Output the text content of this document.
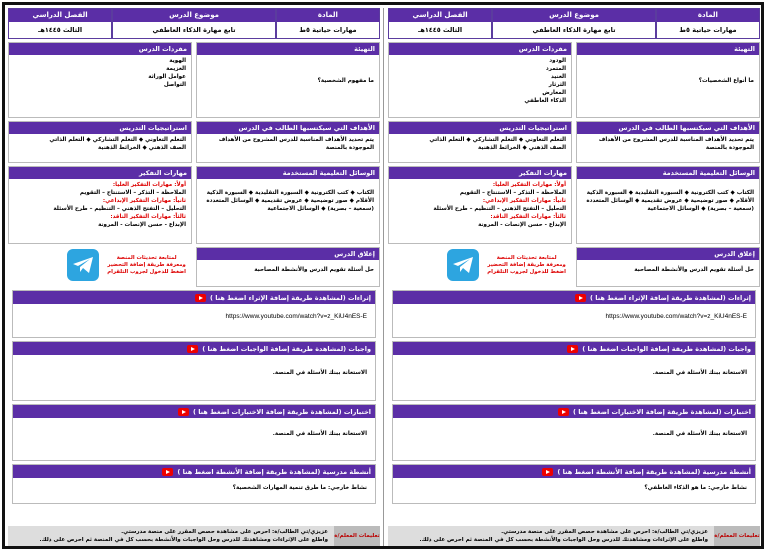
المادة
مهارات حياتية ٥ط
موضوع الدرس
تابع مهارة الذكاء العاطفي
الفصل الدراسي
الثالث ١٤٤٥هـ
التهيئة
ما أنواع الشخصيات؟
مفردات الدرس
الودود
المتمرد
العنيد
الثرثار
المعارض
الذكاء العاطفي
الأهداف التي سيكتسبها الطالب في الدرس
يتم تحديد الأهداف المناسبة للدرس المشروح من الأهداف الموجودة بالمنصة
استراتيجيات التدريس
التعلم التعاوني ◆ التعلم التشاركي ◆ التعلم الذاتي
الصف الذهني ◆ الخرائط الذهنية
الوسائل التعليمية المستخدمة
الكتاب ◆ كتب الكترونية ◆ السبورة التقليدية ◆ السبورة الذكية
الأقلام ◆ صور توضيحية ◆ عروض تقديمية ◆ الوسائل المتعددة
(سمعية – بصرية) ◆ الوسائل الاجتماعية
مهارات التفكير
أولاً: مهارات التفكير العليا:
الملاحظة – التذكر – الاستنتاج – التقويم
ثانياً: مهارات التفكير الإبداعي:
التحليل – التفتح الذهني – التنظيم – طرح الأسئلة
ثالثاً: مهارات التفكير الناقد:
الإبداع - حسن الإنصات - المرونة
إغلاق الدرس
حل أسئلة تقويم الدرس والأنشطة المصاحبة
لمتابعة تحديثات المنصة
ومعرفة طريقة إضافة التحضير
اضغط للدخول لجروب التلقرام
إثراءات (لمشاهدة طريقة إضافة الإثراء اضغط هنا )
https://www.youtube.com/watch?v=z_KiU4nES-E
واجبات (لمشاهدة طريقة إضافة الواجبات اضغط هنا )
الاستعانة ببنك الأسئلة في المنصة.
اختبارات (لمشاهدة طريقة إضافة الاختبارات اضغط هنا )
الاستعانة ببنك الأسئلة في المنصة.
أنشطة مدرسية (لمشاهدة طريقة إضافة الأنشطة اضغط هنا )
نشاط خارجي: ما هو الذكاء العاطفي؟
تعليمات المعلم/ة
عزيزي/تي الطالب/ة: احرص على مشاهدة حصص المقرر على منصة مدرستي.
واطلع على الإثراءات ومشاهدتك للدرس وحل الواجبات والأنشطة بحسب كل في المنصة ثم احرص على ذلك.
المادة
مهارات حياتية ٥ط
موضوع الدرس
تابع مهارة الذكاء العاطفي
الفصل الدراسي
الثالث ١٤٤٥هـ
التهيئة
ما مفهوم الشخصية؟
مفردات الدرس
الهوية
العزيمة
عوامل الوراثة
التواصل
الأهداف التي سيكتسبها الطالب في الدرس
يتم تحديد الأهداف المناسبة للدرس المشروح من الأهداف الموجودة بالمنصة
استراتيجيات التدريس
التعلم التعاوني ◆ التعلم التشاركي ◆ التعلم الذاتي
الصف الذهني ◆ الخرائط الذهنية
الوسائل التعليمية المستخدمة
الكتاب ◆ كتب الكترونية ◆ السبورة التقليدية ◆ السبورة الذكية
الأقلام ◆ صور توضيحية ◆ عروض تقديمية ◆ الوسائل المتعددة
(سمعية – بصرية) ◆ الوسائل الاجتماعية
مهارات التفكير
أولاً: مهارات التفكير العليا:
الملاحظة – التذكر – الاستنتاج – التقويم
ثانياً: مهارات التفكير الإبداعي:
التحليل – التفتح الذهني – التنظيم – طرح الأسئلة
ثالثاً: مهارات التفكير الناقد:
الإبداع - حسن الإنصات - المرونة
إغلاق الدرس
حل أسئلة تقويم الدرس والأنشطة المصاحبة
لمتابعة تحديثات المنصة
ومعرفة طريقة إضافة التحضير
اضغط للدخول لجروب التلقرام
إثراءات (لمشاهدة طريقة إضافة الإثراء اضغط هنا )
https://www.youtube.com/watch?v=z_KiU4nES-E
واجبات (لمشاهدة طريقة إضافة الواجبات اضغط هنا )
الاستعانة ببنك الأسئلة في المنصة.
اختبارات (لمشاهدة طريقة إضافة الاختبارات اضغط هنا )
الاستعانة ببنك الأسئلة في المنصة.
أنشطة مدرسية (لمشاهدة طريقة إضافة الأنشطة اضغط هنا )
نشاط خارجي: ما طرق تنمية المهارات الشخصية؟
تعليمات المعلم/ة
عزيزي/تي الطالب/ة: احرص على مشاهدة حصص المقرر على منصة مدرستي.
واطلع على الإثراءات ومشاهدتك للدرس وحل الواجبات والأنشطة بحسب كل في المنصة ثم احرص على ذلك.
